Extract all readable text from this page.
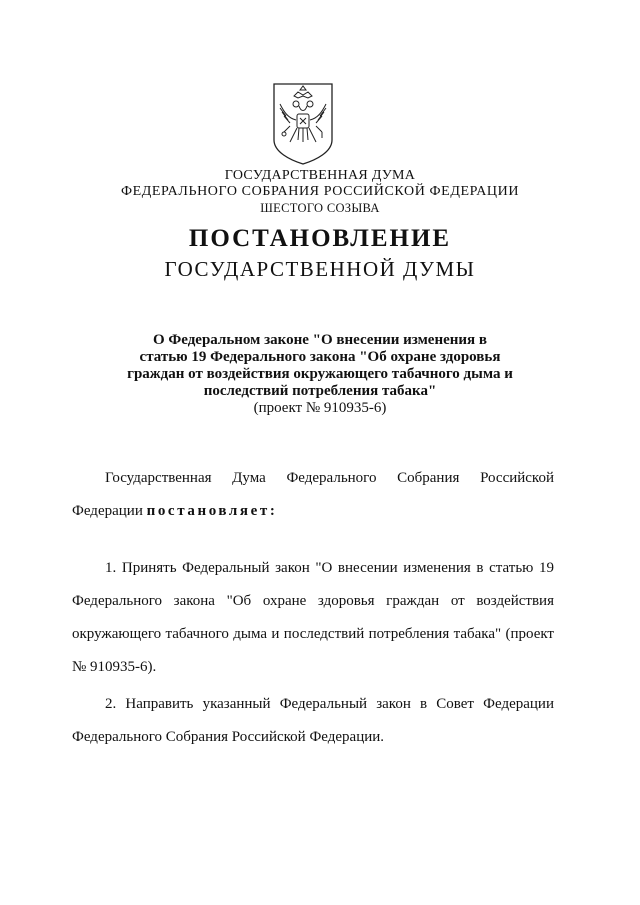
ГОСУДАРСТВЕННАЯ ДУМА
ФЕДЕРАЛЬНОГО СОБРАНИЯ РОССИЙСКОЙ ФЕДЕРАЦИИ
ШЕСТОГО СОЗЫВА
ПОСТАНОВЛЕНИЕ
ГОСУДАРСТВЕННОЙ ДУМЫ
О Федеральном законе "О внесении изменения в
статью 19 Федерального закона "Об охране здоровья
граждан от воздействия окружающего табачного дыма и
последствий потребления табака"
(проект № 910935-6)
Государственная Дума Федерального Собрания Российской
Федерации постановляет:
1. Принять Федеральный закон "О внесении изменения в статью 19
Федерального закона "Об охране здоровья граждан от воздействия
окружающего табачного дыма и последствий потребления табака" (проект
№ 910935-6).
2. Направить указанный Федеральный закон в Совет Федерации
Федерального Собрания Российской Федерации.
